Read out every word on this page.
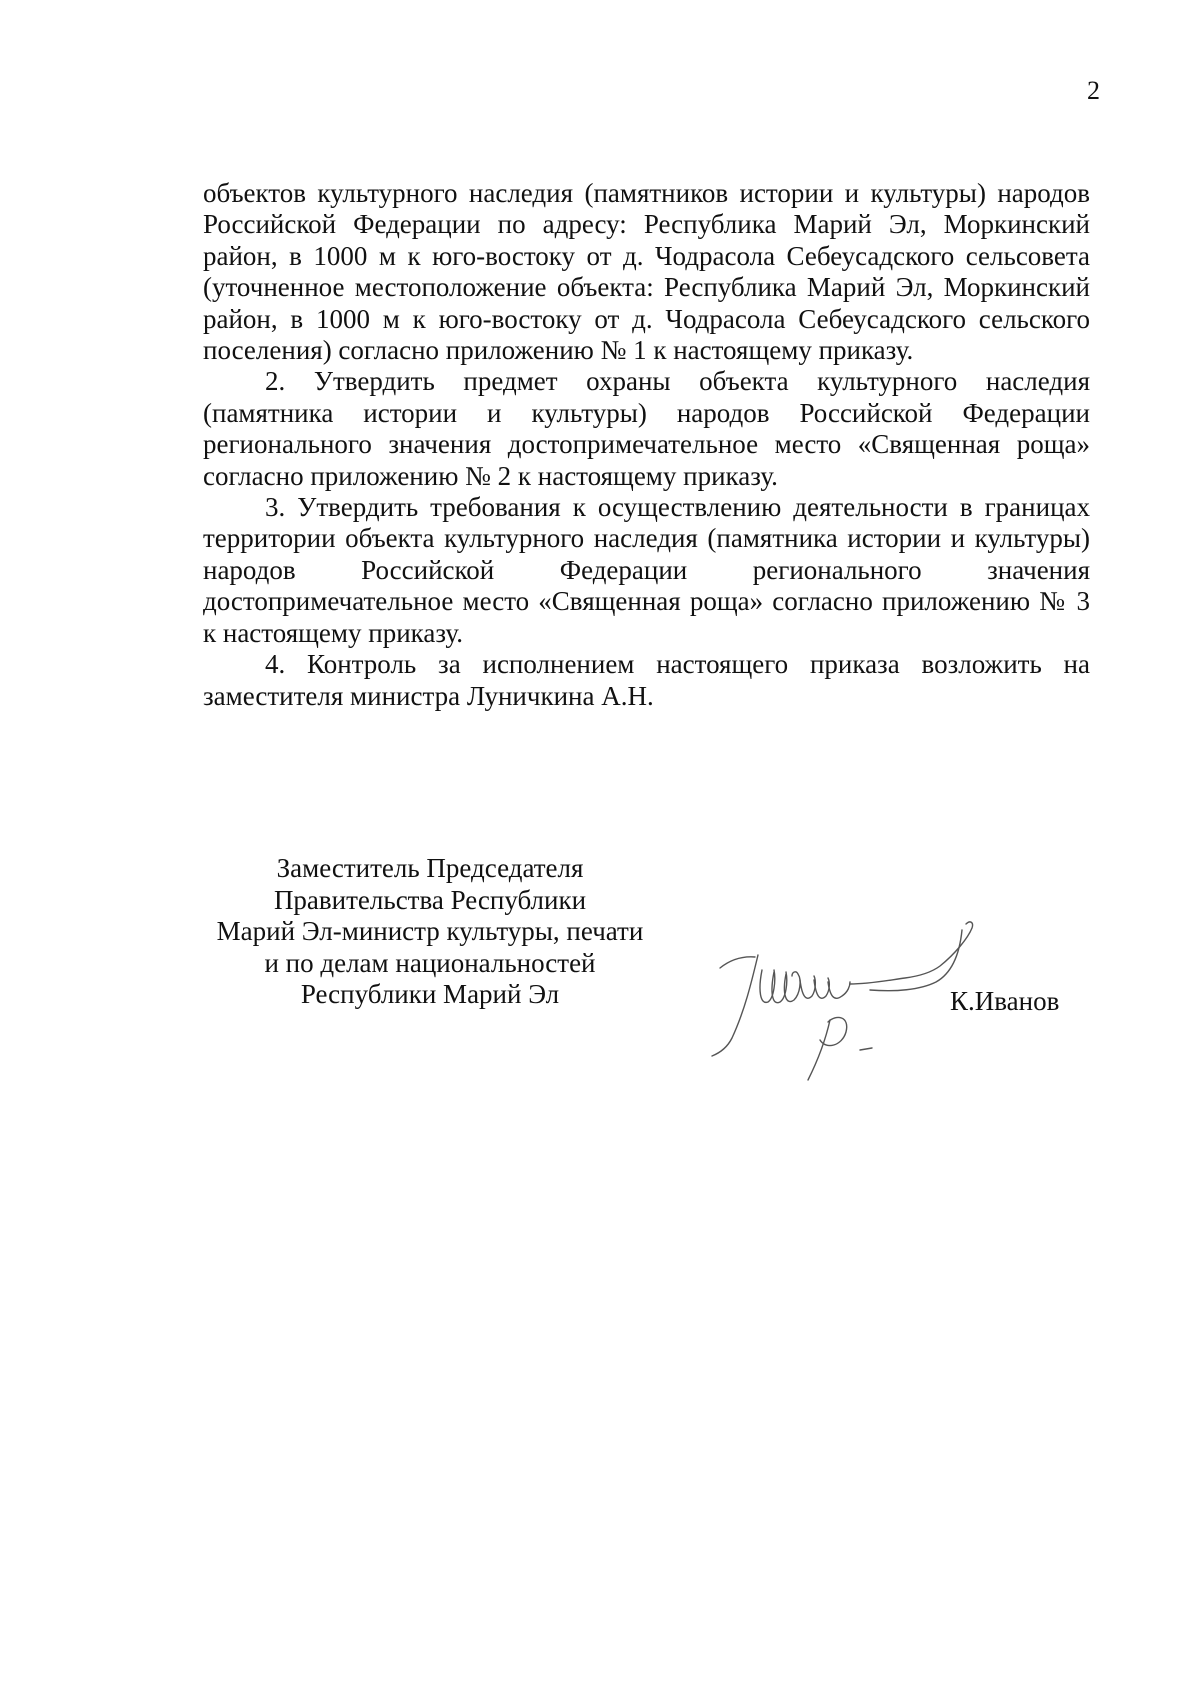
2

объектов культурного наследия (памятников истории и культуры) народов Российской Федерации по адресу: Республика Марий Эл, Моркинский район, в 1000 м к юго-востоку от д. Чодрасола Себеусадского сельсовета (уточненное местоположение объекта: Республика Марий Эл, Моркинский район, в 1000 м к юго-востоку от д. Чодрасола Себеусадского сельского поселения) согласно приложению № 1 к настоящему приказу.

2. Утвердить предмет охраны объекта культурного наследия (памятника истории и культуры) народов Российской Федерации регионального значения достопримечательное место «Священная роща» согласно приложению № 2 к настоящему приказу.

3. Утвердить требования к осуществлению деятельности в границах территории объекта культурного наследия (памятника истории и культуры) народов Российской Федерации регионального значения достопримечательное место «Священная роща» согласно приложению № 3 к настоящему приказу.

4. Контроль за исполнением настоящего приказа возложить на заместителя министра Луничкина А.Н.

Заместитель Председателя
Правительства Республики
Марий Эл-министр культуры, печати
и по делам национальностей
Республики Марий Эл	К.Иванов
